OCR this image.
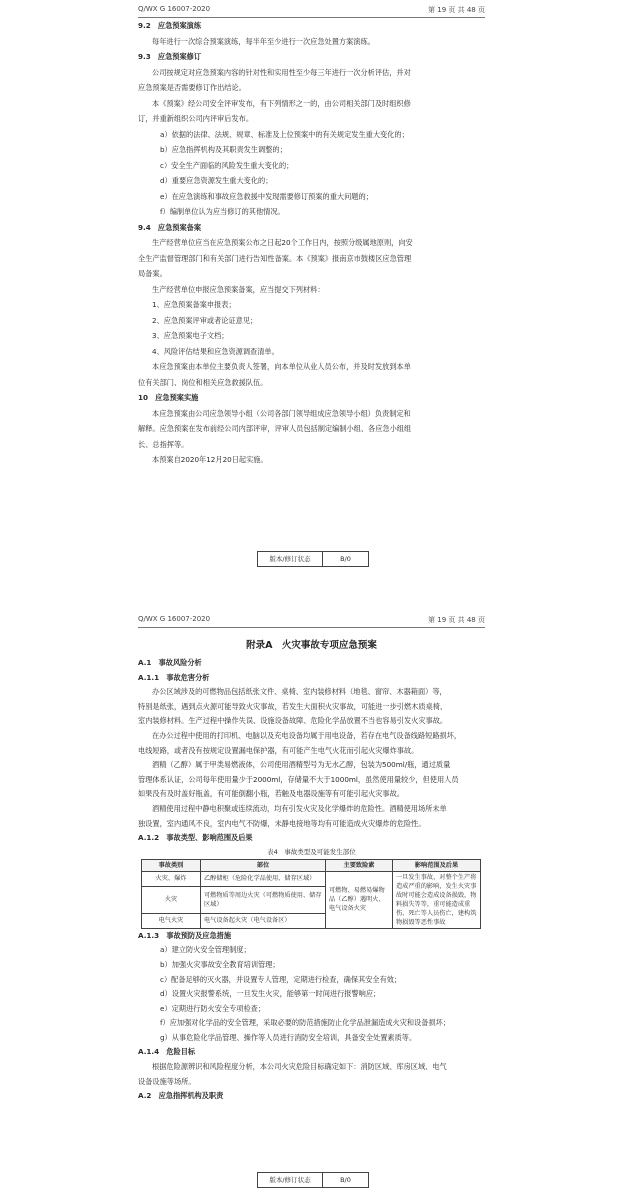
Q/WX G 16007-2020	第 19 页 共 48 页

9.2　应急预案演练

每年进行一次综合预案演练，每半年至少进行一次应急处置方案演练。

9.3　应急预案修订

公司按规定对应急预案内容的针对性和实用性至少每三年进行一次分析评估，并对

应急预案是否需要修订作出结论。

本《预案》经公司安全评审发布，有下列情形之一的，由公司相关部门及时组织修

订，并重新组织公司内评审后发布。

a）依据的法律、法规、规章、标准及上位预案中的有关规定发生重大变化的；

b）应急指挥机构及其职责发生调整的；

c）安全生产面临的风险发生重大变化的；

d）重要应急资源发生重大变化的；

e）在应急演练和事故应急救援中发现需要修订预案的重大问题的；

f）编制单位认为应当修订的其他情况。

9.4　应急预案备案

生产经营单位应当在应急预案公布之日起20个工作日内，按照分级属地原则，向安

全生产监督管理部门和有关部门进行告知性备案。本《预案》报南京市鼓楼区应急管理

局备案。

生产经营单位申报应急预案备案，应当提交下列材料：

1、应急预案备案申报表；

2、应急预案评审或者论证意见；

3、应急预案电子文档；

4、风险评估结果和应急资源调查清单。

本应急预案由本单位主要负责人签署，向本单位从业人员公布，并及时发放到本单

位有关部门、岗位和相关应急救援队伍。

10　应急预案实施

本应急预案由公司应急领导小组（公司各部门领导组成应急领导小组）负责制定和

解释。应急预案在发布前经公司内部评审，评审人员包括制定编制小组、各应急小组组

长、总指挥等。

本预案自2020年12月20日起实施。

版本/修订状态	B/0
Q/WX G 16007-2020	第 19 页 共 48 页
附录A　火灾事故专项应急预案

A.1　事故风险分析

A.1.1　事故危害分析

办公区域涉及的可燃物品包括纸张文件、桌椅、室内装修材料（地毯、窗帘、木器箱面）等，

特别是纸张，遇到点火源可能导致火灾事故，若发生大面积火灾事故，可能进一步引燃木质桌椅、

室内装修材料。生产过程中操作失误、设施设备故障、危险化学品放置不当也容易引发火灾事故。

在办公过程中使用的打印机、电脑以及充电设备均属于用电设备，若存在电气设备线路短路损坏，

电线短路，或者没有按规定设置漏电保护器，有可能产生电气火花而引起火灾爆炸事故。

酒精（乙醇）属于甲类易燃液体，公司使用酒精型号为无水乙醇，包装为500ml/瓶，通过质量

管理体系认证，公司每年使用量少于2000ml，存储量不大于1000ml，虽然使用量较少，但使用人员

如果没有及时盖好瓶盖，有可能倒翻小瓶，若触及电器设施等有可能引起火灾事故。

酒精使用过程中静电积聚或连续流动，均有引发火灾及化学爆炸的危险性。酒精使用场所未单

独设置，室内通风不良，室内电气不防爆，未静电接地等均有可能造成火灾爆炸的危险性。

A.1.2　事故类型、影响范围及后果

表4　事故类型及可能发生部位

事故类别	部位	主要致险素	影响范围及后果
火灾、爆炸	乙醇储柜（危险化学品使用、储存区域）	可燃物、易燃易爆物品（乙醇）遇明火、电气设备火灾	一旦发生事故，对整个生产将造成严重的影响，发生火灾事故时可能会造成设备损毁，物料损失等等，重可能造成重伤、死亡等人员伤亡，建构筑物损毁等恶性事故
火灾	可燃物质等周边火灾（可燃物质使用、储存区域）		
电气火灾	电气设备起火灾（电气设备区）		

A.1.3　事故预防及应急措施

a）建立防火安全管理制度；

b）加强火灾事故安全教育培训管理；

c）配备足够的灭火器，并设置专人管理，定期进行检查，确保其安全有效；

d）设置火灾报警系统，一旦发生火灾，能够第一时间进行报警响应；

e）定期进行防火安全专项检查；

f）应加强对化学品的安全管理，采取必要的防范措施防止化学品泄漏造成火灾和设备损坏；

g）从事危险化学品管理、操作等人员进行消防安全培训，具备安全处置素质等。

A.1.4　危险目标

根据危险源辨识和风险程度分析，本公司火灾危险目标确定如下：消防区域、库房区域、电气

设备设施等场所。

A.2　应急指挥机构及职责

版本/修订状态	B/0
